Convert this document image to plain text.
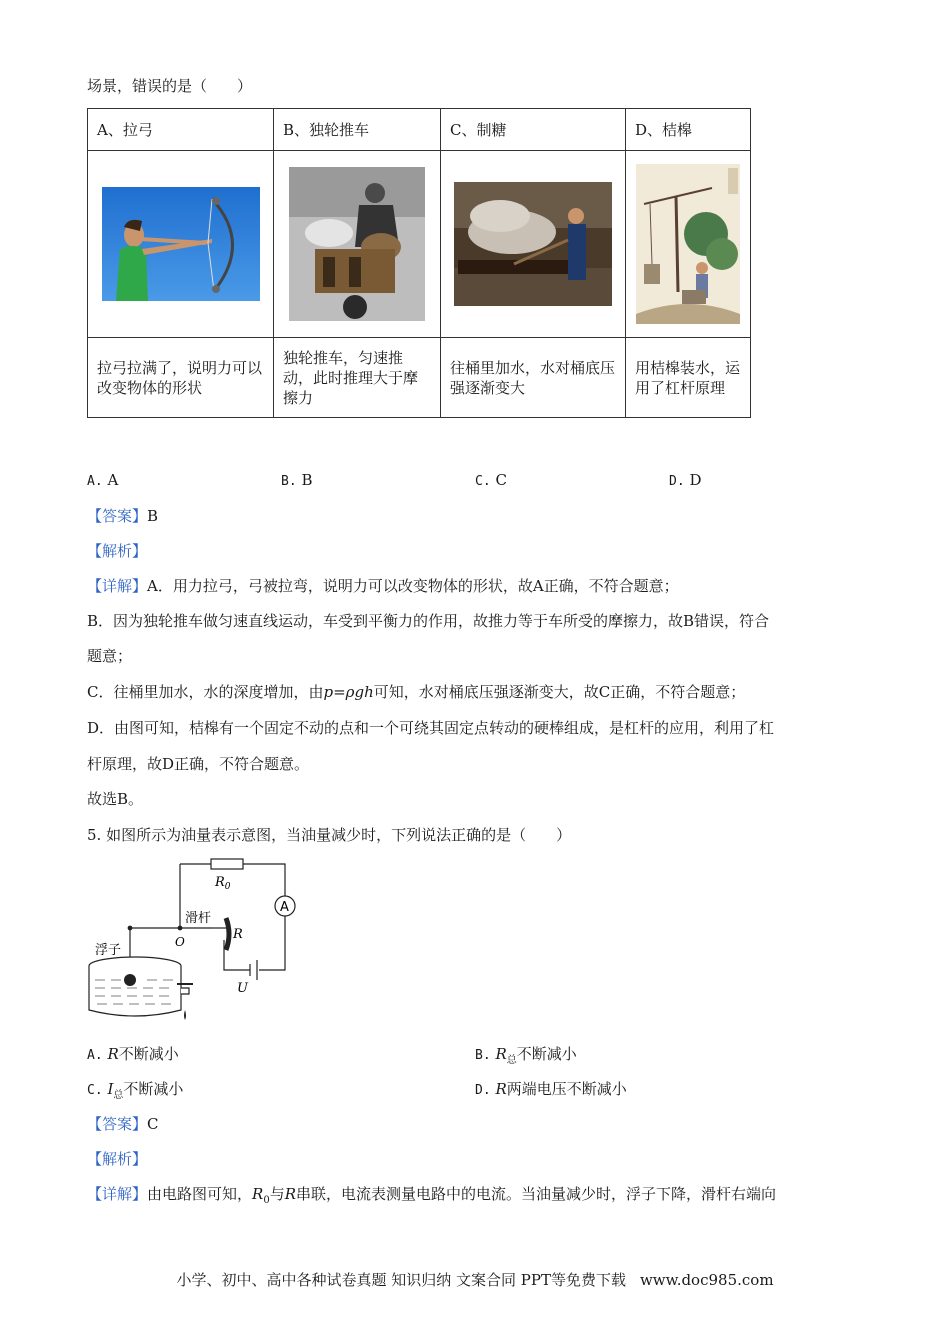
场景，错误的是（　　）
A、拉弓	B、独轮推车	C、制糖	D、桔槔

拉弓拉满了，说明力可以改变物体的形状	独轮推车，匀速推动，此时推理大于摩擦力	往桶里加水，水对桶底压强逐渐变大	用桔槔装水，运用了杠杆原理
A. A	B. B	C. C	D. D
【答案】B
【解析】
【详解】A．用力拉弓，弓被拉弯，说明力可以改变物体的形状，故A正确，不符合题意；
B．因为独轮推车做匀速直线运动，车受到平衡力的作用，故推力等于车所受的摩擦力，故B错误，符合
题意；
C．往桶里加水，水的深度增加，由p=ρgh可知，水对桶底压强逐渐变大，故C正确，不符合题意；
D．由图可知，桔槔有一个固定不动的点和一个可绕其固定点转动的硬棒组成，是杠杆的应用，利用了杠
杆原理，故D正确，不符合题意。
故选B。
5. 如图所示为油量表示意图，当油量减少时，下列说法正确的是（　　）
$R_0$
A
滑杆
O	R
浮子
U
A. R不断减小	B. $R_总$不断减小
C. $I_总$不断减小	D. R两端电压不断减小
【答案】C
【解析】
【详解】由电路图可知，$R_0$与R串联，电流表测量电路中的电流。当油量减少时，浮子下降，滑杆右端向
小学、初中、高中各种试卷真题 知识归纳 文案合同 PPT等免费下载 www.doc985.com
